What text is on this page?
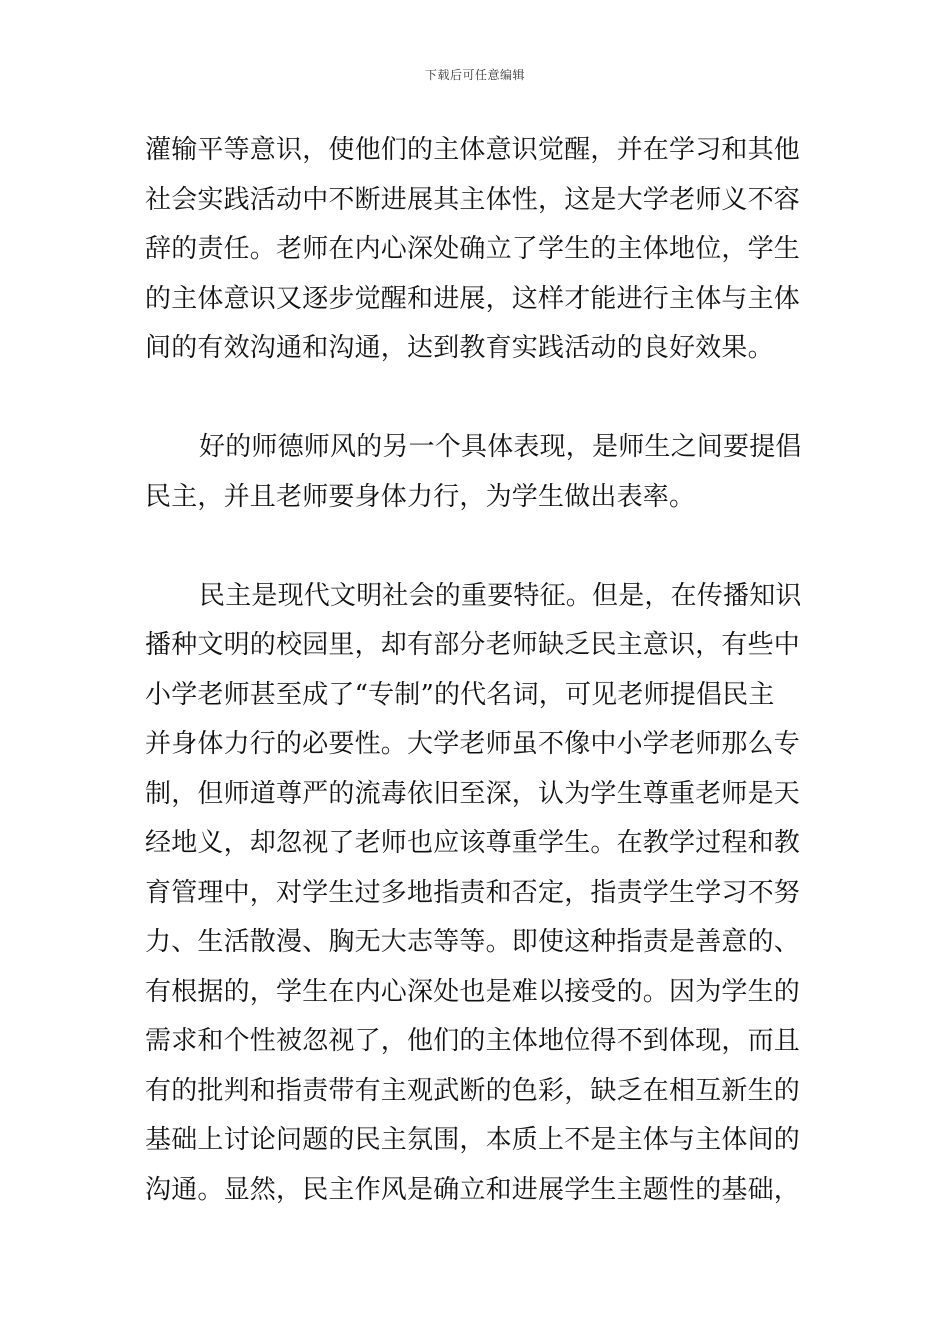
下载后可任意编辑
灌输平等意识，使他们的主体意识觉醒，并在学习和其他
社会实践活动中不断进展其主体性，这是大学老师义不容
辞的责任。老师在内心深处确立了学生的主体地位，学生
的主体意识又逐步觉醒和进展，这样才能进行主体与主体
间的有效沟通和沟通，达到教育实践活动的良好效果。
好的师德师风的另一个具体表现，是师生之间要提倡
民主，并且老师要身体力行，为学生做出表率。
民主是现代文明社会的重要特征。但是，在传播知识
播种文明的校园里，却有部分老师缺乏民主意识，有些中
小学老师甚至成了“专制”的代名词，可见老师提倡民主
并身体力行的必要性。大学老师虽不像中小学老师那么专
制，但师道尊严的流毒依旧至深，认为学生尊重老师是天
经地义，却忽视了老师也应该尊重学生。在教学过程和教
育管理中，对学生过多地指责和否定，指责学生学习不努
力、生活散漫、胸无大志等等。即使这种指责是善意的、
有根据的，学生在内心深处也是难以接受的。因为学生的
需求和个性被忽视了，他们的主体地位得不到体现，而且
有的批判和指责带有主观武断的色彩，缺乏在相互新生的
基础上讨论问题的民主氛围，本质上不是主体与主体间的
沟通。显然，民主作风是确立和进展学生主题性的基础，
